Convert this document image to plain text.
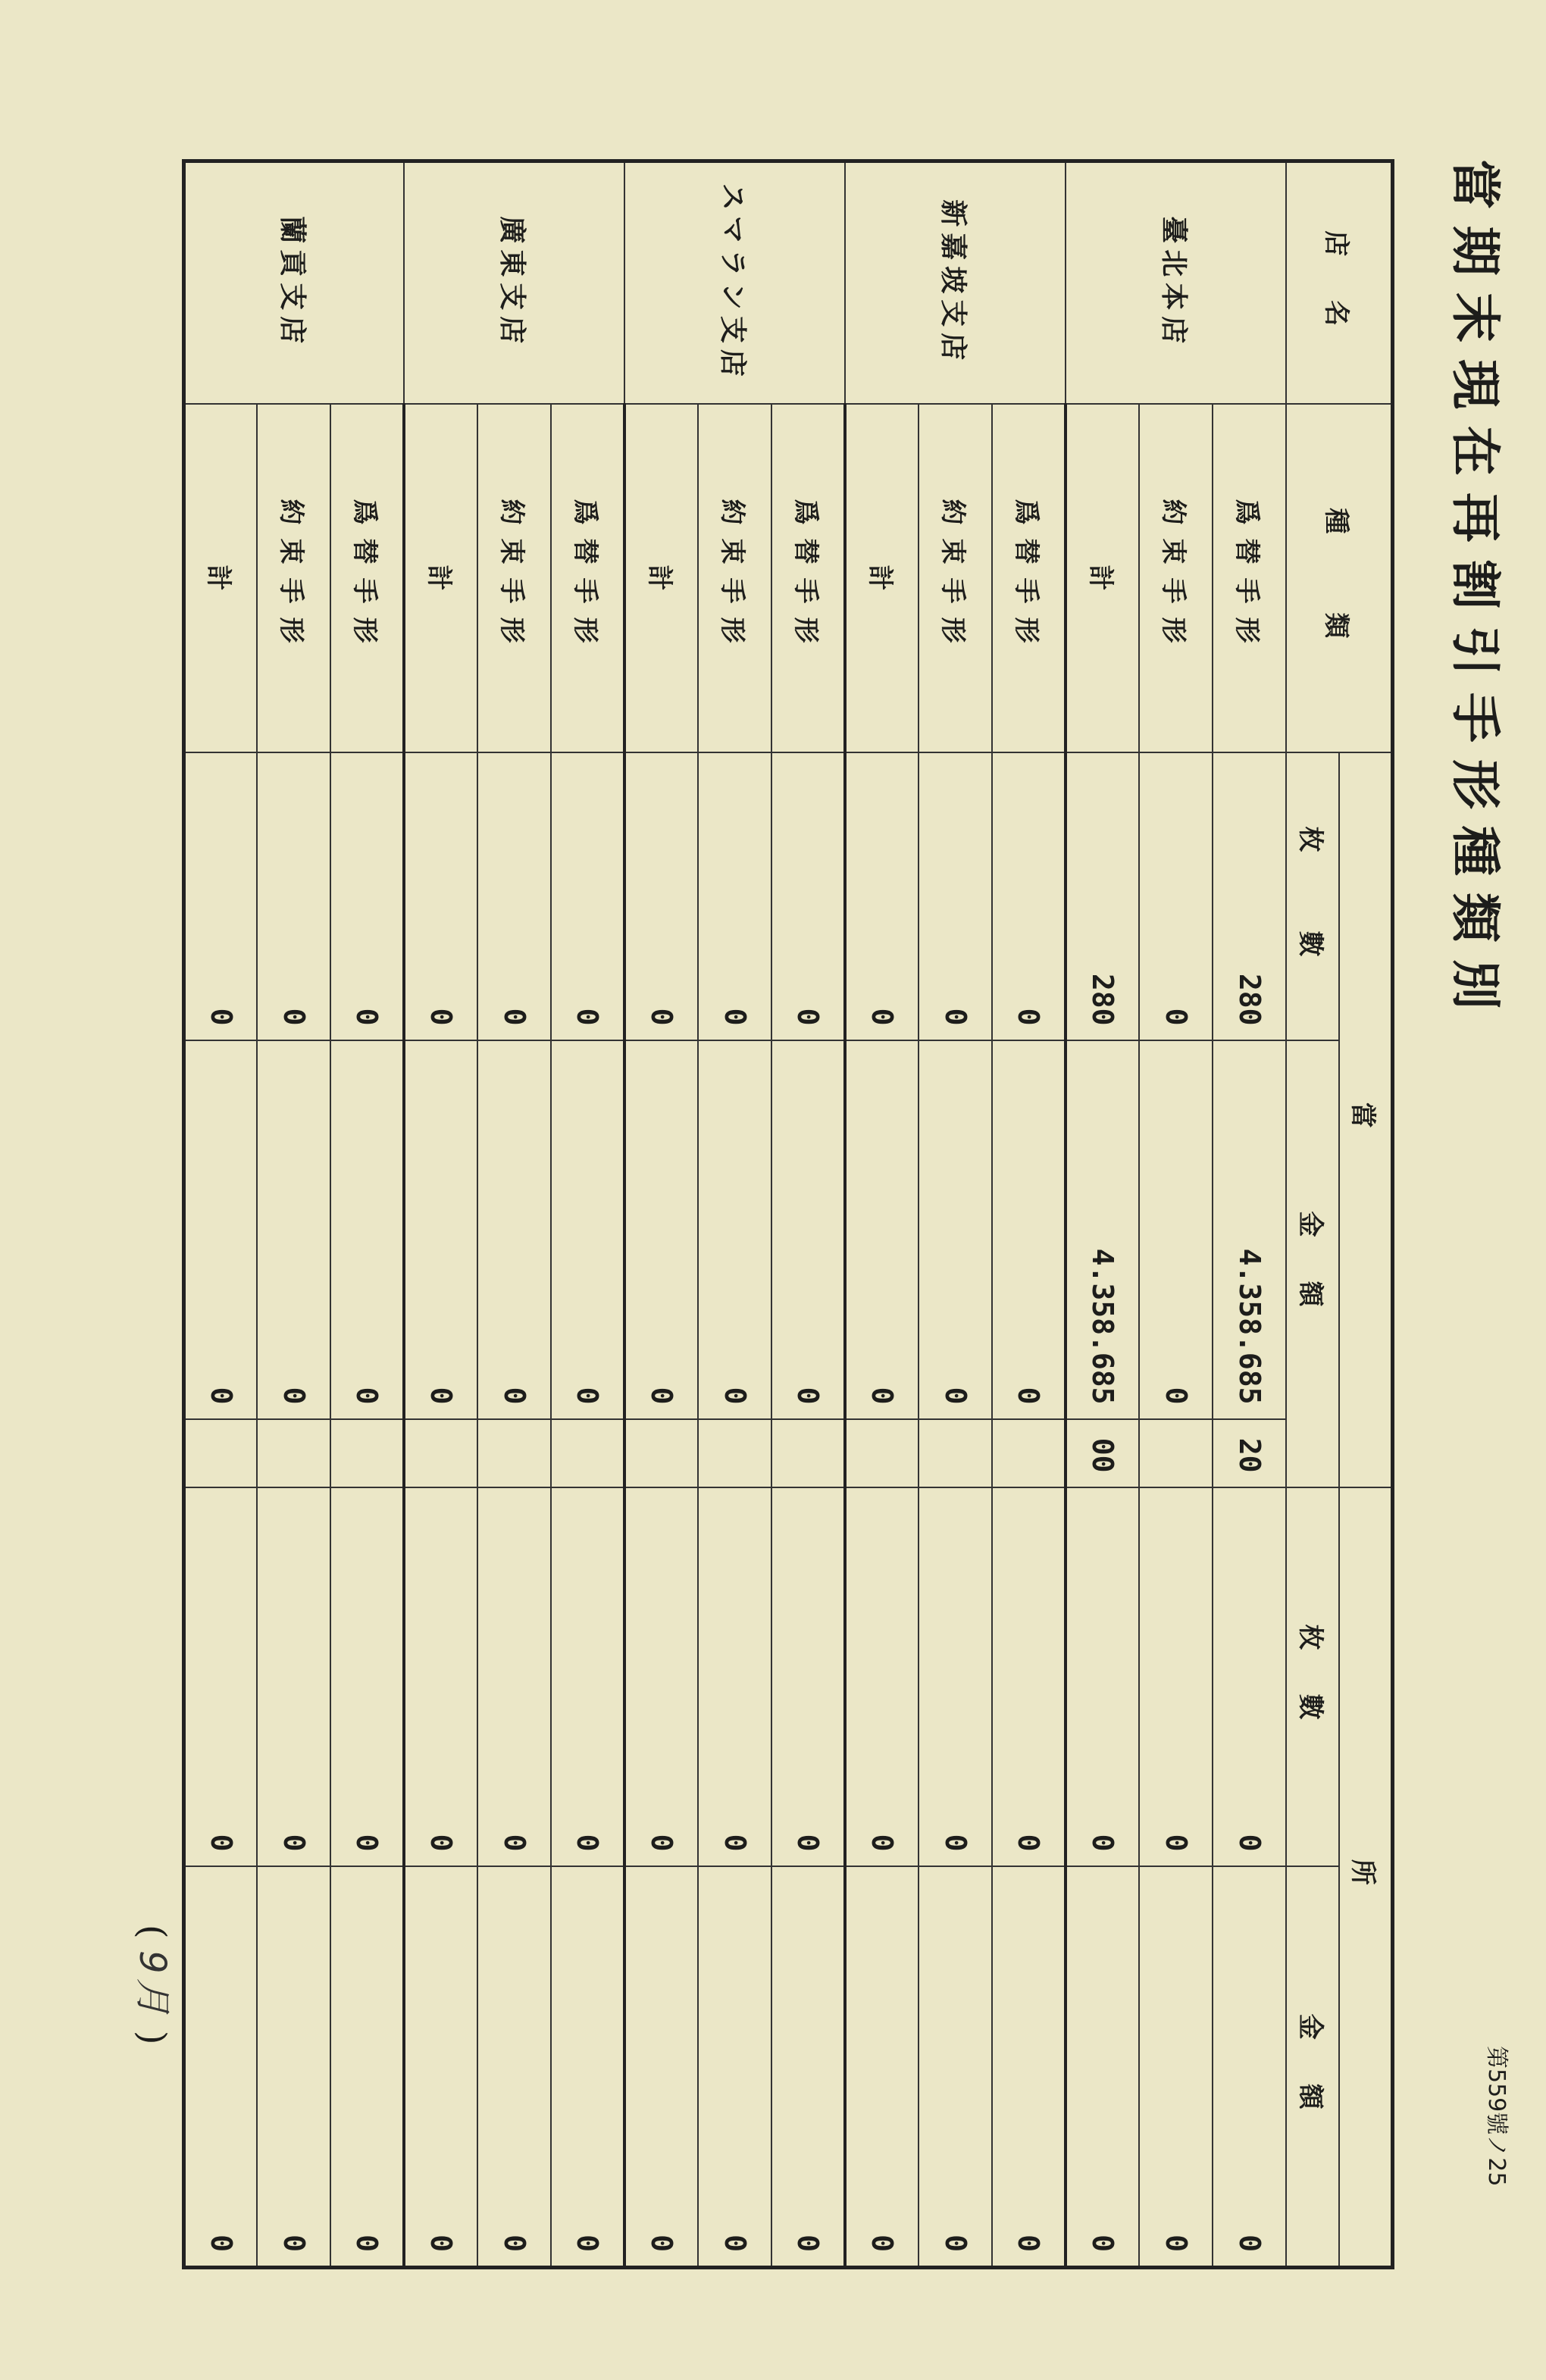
當期末現在再割引手形種類別
第559號ノ25
店　名	種　　類	當			所	
		枚　　數	金　額		枚　數	金　額
臺北本店	爲替手形	280	4.358.685	20	0	0
	約束手形	0	0		0	0
	計	280	4.358.685	00	0	0
新嘉坡支店	爲替手形	0	0		0	0
	約束手形	0	0		0	0
	計	0	0		0	0
スマラン支店	爲替手形	0	0		0	0
	約束手形	0	0		0	0
	計	0	0		0	0
廣東支店	爲替手形	0	0		0	0
	約束手形	0	0		0	0
	計	0	0		0	0
蘭貢支店	爲替手形	0	0		0	0
	約束手形	0	0		0	0
	計	0	0		0	0
( 9月 )
